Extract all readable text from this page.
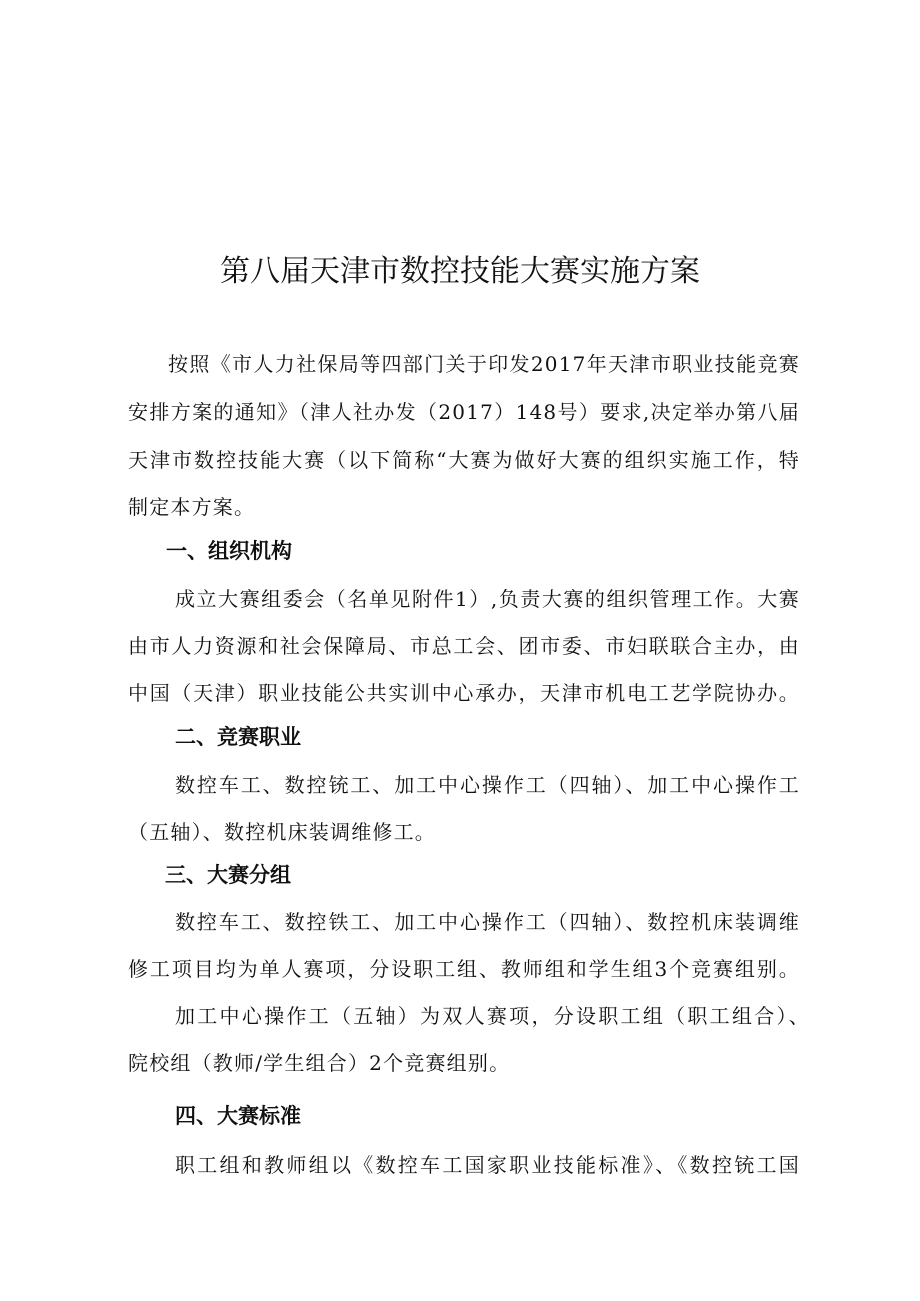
第八届天津市数控技能大赛实施方案
按照《市人力社保局等四部门关于印发2017年天津市职业技能竞赛
安排方案的通知》（津人社办发（2017）148号）要求,决定举办第八届
天津市数控技能大赛（以下简称“大赛为做好大赛的组织实施工作，特
制定本方案。
一、组织机构
成立大赛组委会（名单见附件1）,负责大赛的组织管理工作。大赛
由市人力资源和社会保障局、市总工会、团市委、市妇联联合主办，由
中国（天津）职业技能公共实训中心承办，天津市机电工艺学院协办。
二、竞赛职业
数控车工、数控铳工、加工中心操作工（四轴）、加工中心操作工
（五轴）、数控机床装调维修工。
三、大赛分组
数控车工、数控铁工、加工中心操作工（四轴）、数控机床装调维
修工项目均为单人赛项，分设职工组、教师组和学生组3个竞赛组别。
加工中心操作工（五轴）为双人赛项，分设职工组（职工组合）、
院校组（教师/学生组合）2个竞赛组别。
四、大赛标准
职工组和教师组以《数控车工国家职业技能标准》、《数控铳工国
